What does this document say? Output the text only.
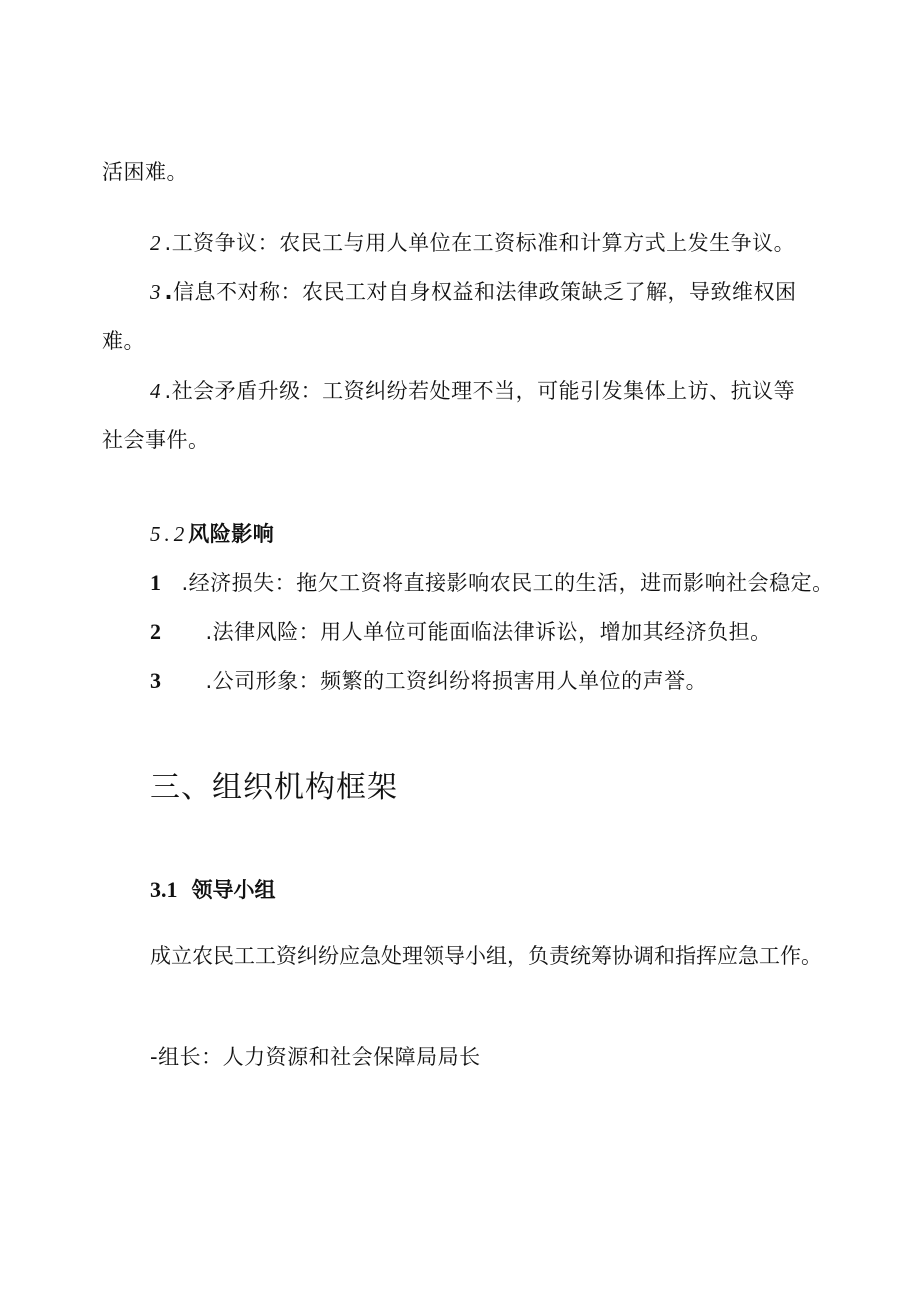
活困难。
2.工资争议：农民工与用人单位在工资标准和计算方式上发生争议。
3.信息不对称：农民工对自身权益和法律政策缺乏了解，导致维权困
难。
4.社会矛盾升级：工资纠纷若处理不当，可能引发集体上访、抗议等
社会事件。
5.2风险影响
1 .经济损失：拖欠工资将直接影响农民工的生活，进而影响社会稳定。
2 .法律风险：用人单位可能面临法律诉讼，增加其经济负担。
3 .公司形象：频繁的工资纠纷将损害用人单位的声誉。
三、组织机构框架
3.1 领导小组
成立农民工工资纠纷应急处理领导小组，负责统筹协调和指挥应急工作。
-组长：人力资源和社会保障局局长
